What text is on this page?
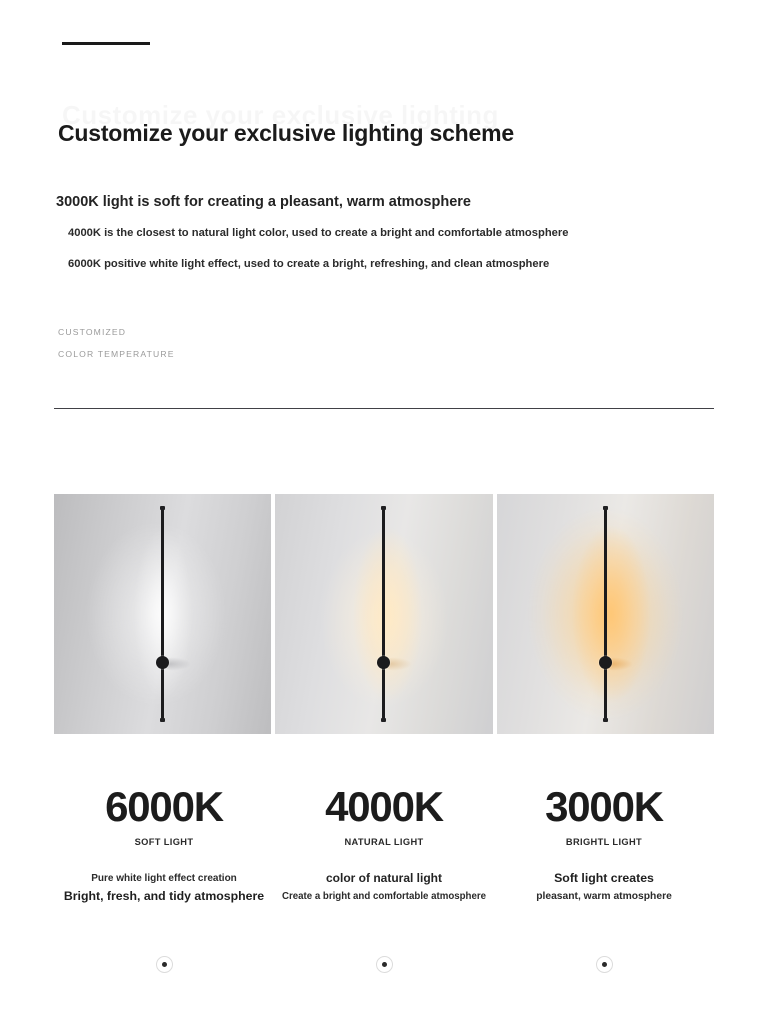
Customize your exclusive lighting scheme
3000K light is soft for creating a pleasant, warm atmosphere
4000K is the closest to natural light color, used to create a bright and comfortable atmosphere
6000K positive white light effect, used to create a bright, refreshing, and clean atmosphere
CUSTOMIZED
COLOR TEMPERATURE
6000K
SOFT LIGHT
Pure white light effect creation
Bright, fresh, and tidy atmosphere
4000K
NATURAL LIGHT
color of natural light
Create a bright and comfortable atmosphere
3000K
BRIGHTL LIGHT
Soft light creates
pleasant, warm atmosphere
